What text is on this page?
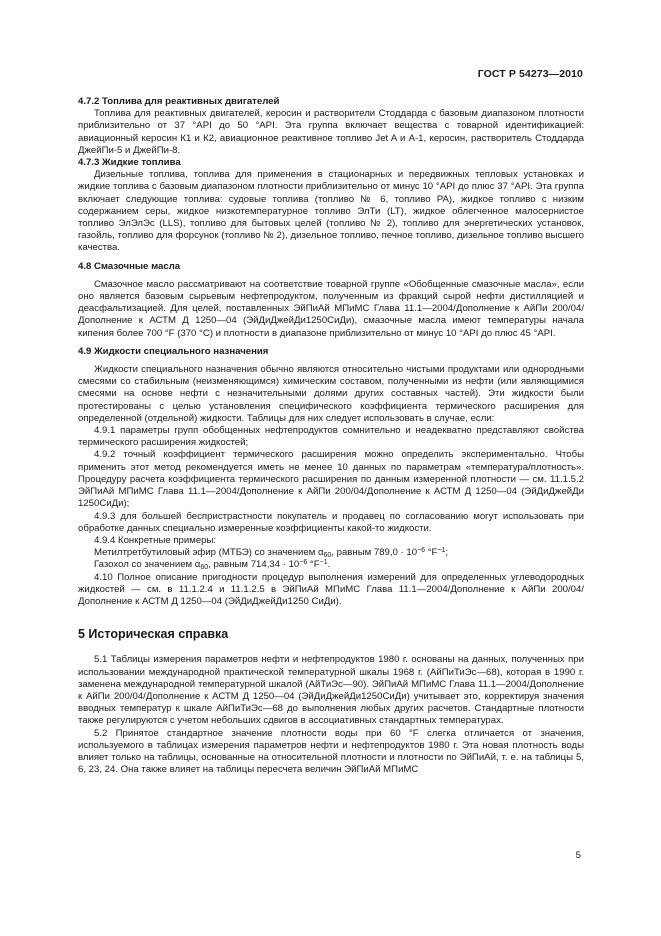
ГОСТ Р 54273—2010
4.7.2 Топлива для реактивных двигателей

Топлива для реактивных двигателей, керосин и растворители Стоддарда с базовым диапазоном плотности приблизительно от 37 °API до 50 °API. Эта группа включает вещества с товарной идентификацией: авиационный керосин К1 и К2, авиационное реактивное топливо Jet A и A-1, керосин, растворитель Стоддарда ДжейПи-5 и ДжейПи-8.

4.7.3 Жидкие топлива

Дизельные топлива, топлива для применения в стационарных и передвижных тепловых установках и жидкие топлива с базовым диапазоном плотности приблизительно от минус 10 °API до плюс 37 °API. Эта группа включает следующие топлива: судовые топлива (топливо № 6, топливо РА), жидкое топливо с низким содержанием серы, жидкое низкотемпературное топливо ЭлТи (LT), жидкое облегченное малосернистое топливо ЭлЭлЭс (LLS), топливо для бытовых целей (топливо № 2), топливо для энергетических установок, газойль, топливо для форсунок (топливо № 2), дизельное топливо, печное топливо, дизельное топливо высшего качества.

4.8 Смазочные масла

Смазочное масло рассматривают на соответствие товарной группе «Обобщенные смазочные масла», если оно является базовым сырьевым нефтепродуктом, полученным из фракций сырой нефти дистилляцией и деасфальтизацией. Для целей, поставленных ЭйПиАй МПиМС Глава 11.1—2004/Дополнение к АйПи 200/04/Дополнение к АСТМ Д 1250—04 (ЭйДиДжейДи1250СиДи), смазочные масла имеют температуры начала кипения более 700 °F (370 °С) и плотности в диапазоне приблизительно от минус 10 °API до плюс 45 °API.

4.9 Жидкости специального назначения

Жидкости специального назначения обычно являются относительно чистыми продуктами или однородными смесями со стабильным (неизменяющимся) химическим составом, полученными из нефти (или являющимися смесями на основе нефти с незначительными долями других составных частей). Эти жидкости были протестированы с целью установления специфического коэффициента термического расширения для определенной (отдельной) жидкости. Таблицы для них следует использовать в случае, если:

4.9.1 параметры групп обобщенных нефтепродуктов сомнительно и неадекватно представляют свойства термического расширения жидкостей;

4.9.2 точный коэффициент термического расширения можно определить экспериментально. Чтобы применить этот метод рекомендуется иметь не менее 10 данных по параметрам «температура/плотность». Процедуру расчета коэффициента термического расширения по данным измеренной плотности — см. 11.1.5.2 ЭйПиАй МПиМС Глава 11.1—2004/Дополнение к АйПи 200/04/Дополнение к АСТМ Д 1250—04 (ЭйДиДжейДи 1250СиДи);

4.9.3 для большей беспристрастности покупатель и продавец по согласованию могут использовать при обработке данных специально измеренные коэффициенты какой-то жидкости.

4.9.4 Конкретные примеры:

Метилтретбутиловый эфир (МТБЭ) со значением $\alpha_{60}$, равным $789,0 \cdot 10^{-6}$ $^\circ F^{-1}$;

Газохол со значением $\alpha_{60}$, равным $714,34 \cdot 10^{-6}$ $^\circ F^{-1}$.

4.10 Полное описание пригодности процедур выполнения измерений для определенных углеводородных жидкостей — см. в 11.1.2.4 и 11.1.2.5 в ЭйПиАй МПиМС Глава 11.1—2004/Дополнение к АйПи 200/04/Дополнение к АСТМ Д 1250—04 (ЭйДиДжейДи1250 СиДи).

5 Историческая справка

5.1 Таблицы измерения параметров нефти и нефтепродуктов 1980 г. основаны на данных, полученных при использовании международной практической температурной шкалы 1968 г. (АйПиТиЭс—68), которая в 1990 г. заменена международной температурной шкалой (АйТиЭс—90). ЭйПиАй МПиМС Глава 11.1—2004/Дополнение к АйПи 200/04/Дополнение к АСТМ Д 1250—04 (ЭйДиДжейДи1250СиДи) учитывает это, корректируя значения вводных температур к шкале АйПиТиЭс—68 до выполнения любых других расчетов. Стандартные плотности также регулируются с учетом небольших сдвигов в ассоциативных стандартных температурах.

5.2 Принятое стандартное значение плотности воды при 60 °F слегка отличается от значения, используемого в таблицах измерения параметров нефти и нефтепродуктов 1980 г. Эта новая плотность воды влияет только на таблицы, основанные на относительной плотности и плотности по ЭйПиАй, т. е. на таблицы 5, 6, 23, 24. Она также влияет на таблицы пересчета величин ЭйПиАй МПиМС

5
